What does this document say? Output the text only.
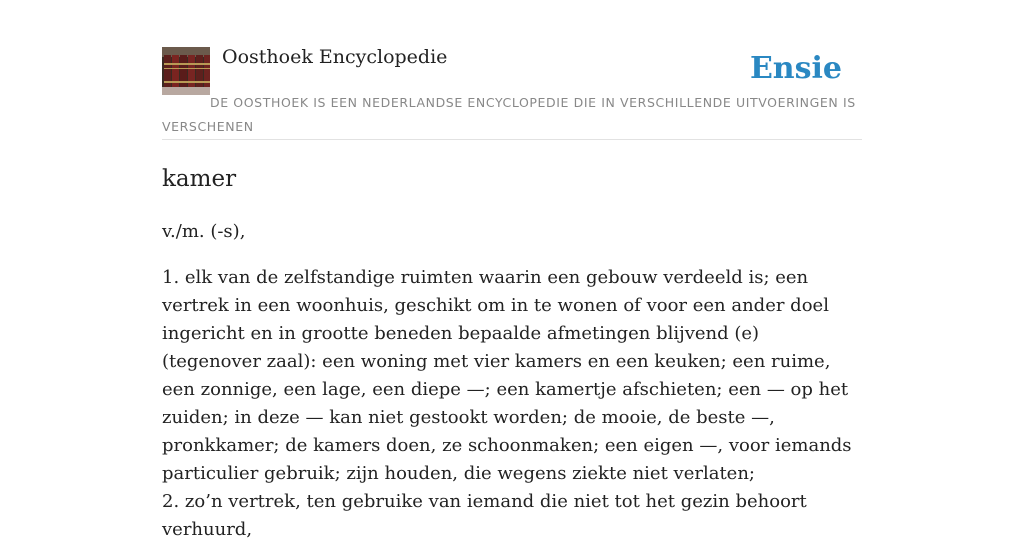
Oosthoek Encyclopedie	Ensie

DE OOSTHOEK IS EEN NEDERLANDSE ENCYCLOPEDIE DIE IN VERSCHILLENDE UITVOERINGEN IS VERSCHENEN

kamer

v./m. (-s),

1. elk van de zelfstandige ruimten waarin een gebouw verdeeld is; een vertrek in een woonhuis, geschikt om in te wonen of voor een ander doel ingericht en in grootte beneden bepaalde afmetingen blijvend (e) (tegenover zaal): een woning met vier kamers en een keuken; een ruime, een zonnige, een lage, een diepe —; een kamertje afschieten; een — op het zuiden; in deze — kan niet gestookt worden; de mooie, de beste —, pronkkamer; de kamers doen, ze schoonmaken; een eigen —, voor iemands particulier gebruik; zijn houden, die wegens ziekte niet verlaten;

2. zo’n vertrek, ten gebruike van iemand die niet tot het gezin behoort verhuurd,
